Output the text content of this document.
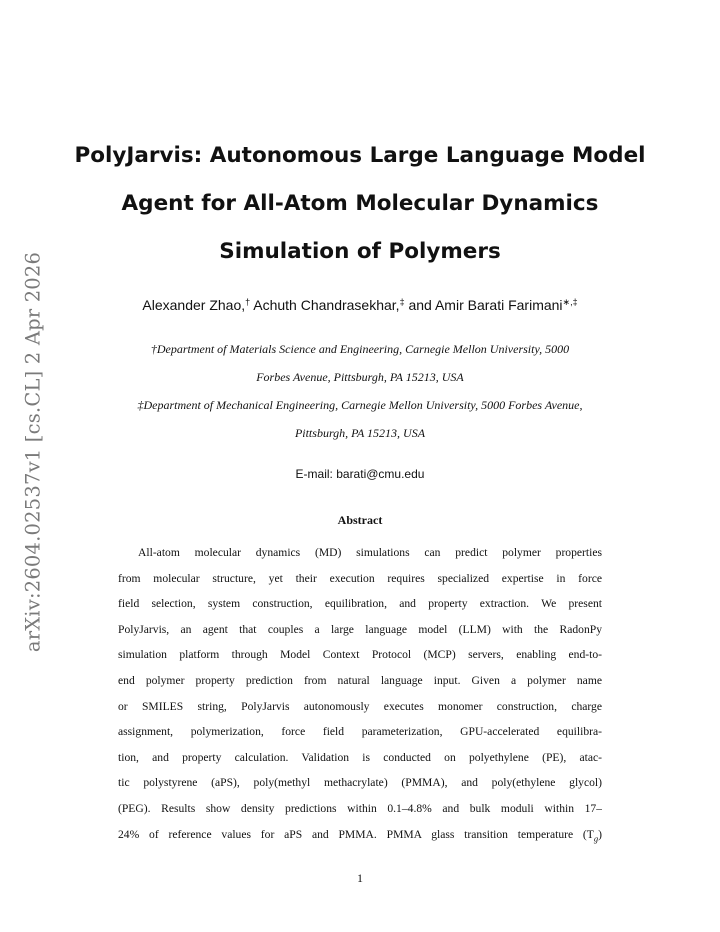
arXiv:2604.02537v1 [cs.CL] 2 Apr 2026
PolyJarvis: Autonomous Large Language Model
Agent for All-Atom Molecular Dynamics
Simulation of Polymers
Alexander Zhao,† Achuth Chandrasekhar,‡ and Amir Barati Farimani∗,‡
†Department of Materials Science and Engineering, Carnegie Mellon University, 5000
Forbes Avenue, Pittsburgh, PA 15213, USA
‡Department of Mechanical Engineering, Carnegie Mellon University, 5000 Forbes Avenue,
Pittsburgh, PA 15213, USA
E-mail: barati@cmu.edu
Abstract
All-atom molecular dynamics (MD) simulations can predict polymer properties
from molecular structure, yet their execution requires specialized expertise in force
field selection, system construction, equilibration, and property extraction. We present
PolyJarvis, an agent that couples a large language model (LLM) with the RadonPy
simulation platform through Model Context Protocol (MCP) servers, enabling end-to-
end polymer property prediction from natural language input. Given a polymer name
or SMILES string, PolyJarvis autonomously executes monomer construction, charge
assignment, polymerization, force field parameterization, GPU-accelerated equilibra-
tion, and property calculation. Validation is conducted on polyethylene (PE), atac-
tic polystyrene (aPS), poly(methyl methacrylate) (PMMA), and poly(ethylene glycol)
(PEG). Results show density predictions within 0.1–4.8% and bulk moduli within 17–
24% of reference values for aPS and PMMA. PMMA glass transition temperature $(T_g)$
1
